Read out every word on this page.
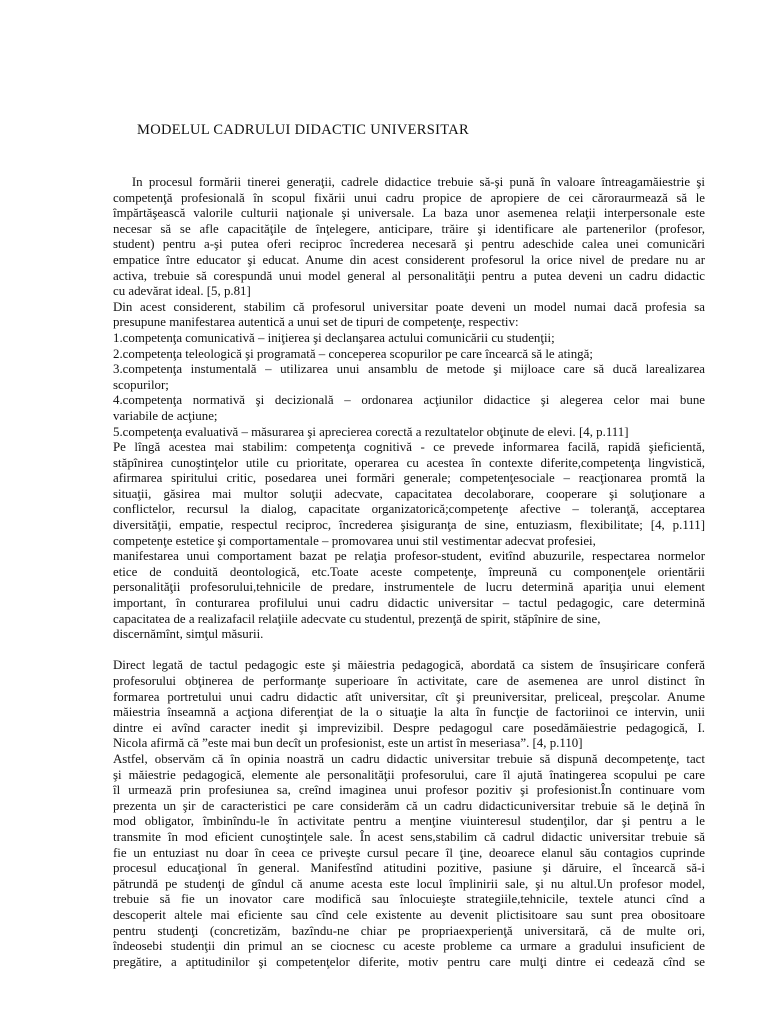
MODELUL CADRULUI DIDACTIC UNIVERSITAR
In procesul formării tinerei generaţii, cadrele didactice trebuie să-şi pună în valoare întreagamăiestrie şi
competenţă profesională în scopul fixării unui cadru propice de apropiere de cei căroraurmează să le
împărtăşească valorile culturii naţionale şi universale. La baza unor asemenea relaţii interpersonale este
necesar să se afle capacităţile de înţelegere, anticipare, trăire şi identificare ale partenerilor (profesor,
student) pentru a-şi putea oferi reciproc încrederea necesară şi pentru adeschide calea unei comunicări
empatice între educator şi educat. Anume din acest considerent profesorul la orice nivel de predare nu ar
activa, trebuie să corespundă unui model general al personalităţii pentru a putea deveni un cadru didactic
cu adevărat ideal. [5, p.81]
Din acest considerent, stabilim că profesorul universitar poate deveni un model numai dacă profesia sa
presupune manifestarea autentică a unui set de tipuri de competenţe, respectiv:
1.competenţa comunicativă – iniţierea şi declanşarea actului comunicării cu studenţii;
2.competenţa teleologică şi programată – conceperea scopurilor pe care încearcă să le atingă;
3.competenţa instumentală – utilizarea unui ansamblu de metode şi mijloace care să ducă larealizarea
scopurilor;
4.competenţa normativă şi decizională – ordonarea acţiunilor didactice şi alegerea celor mai bune
variabile de acţiune;
5.competenţa evaluativă – măsurarea şi aprecierea corectă a rezultatelor obţinute de elevi. [4, p.111]
Pe lîngă acestea mai stabilim: competenţa cognitivă - ce prevede informarea facilă, rapidă şieficientă,
stăpînirea cunoştinţelor utile cu prioritate, operarea cu acestea în contexte diferite,competenţa lingvistică,
afirmarea spiritului critic, posedarea unei formări generale; competenţesociale – reacţionarea promtă la
situaţii, găsirea mai multor soluţii adecvate, capacitatea decolaborare, cooperare şi soluţionare a
conflictelor, recursul la dialog, capacitate organizatorică;competenţe afective – toleranţă, acceptarea
diversităţii, empatie, respectul reciproc, încrederea şisiguranţa de sine, entuziasm, flexibilitate; [4, p.111]
competenţe estetice şi comportamentale – promovarea unui stil vestimentar adecvat profesiei,
manifestarea unui comportament bazat pe relaţia profesor-student, evitînd abuzurile, respectarea normelor
etice de conduită deontologică, etc.Toate aceste competenţe, împreună cu componenţele orientării
personalităţii profesorului,tehnicile de predare, instrumentele de lucru determină apariţia unui element
important, în conturarea profilului unui cadru didactic universitar – tactul pedagogic, care determină
capacitatea de a realizafacil relaţiile adecvate cu studentul, prezenţă de spirit, stăpînire de sine,
discernămînt, simţul măsurii.
Direct legată de tactul pedagogic este şi măiestria pedagogică, abordată ca sistem de însuşiricare conferă
profesorului obţinerea de performanţe superioare în activitate, care de asemenea are unrol distinct în
formarea portretului unui cadru didactic atît universitar, cît şi preuniversitar, preliceal, preşcolar. Anume
măiestria înseamnă a acţiona diferenţiat de la o situaţie la alta în funcţie de factoriinoi ce intervin, unii
dintre ei avînd caracter inedit şi imprevizibil. Despre pedagogul care posedămăiestrie pedagogică, I.
Nicola afirmă că ”este mai bun decît un profesionist, este un artist în meseriasa”. [4, p.110]
Astfel, observăm că în opinia noastră un cadru didactic universitar trebuie să dispună decompetenţe, tact
şi măiestrie pedagogică, elemente ale personalităţii profesorului, care îl ajută înatingerea scopului pe care
îl urmează prin profesiunea sa, creînd imaginea unui profesor pozitiv şi profesionist.În continuare vom
prezenta un şir de caracteristici pe care considerăm că un cadru didacticuniversitar trebuie să le deţină în
mod obligator, îmbinîndu-le în activitate pentru a menţine viuinteresul studenţilor, dar şi pentru a le
transmite în mod eficient cunoştinţele sale. În acest sens,stabilim că cadrul didactic universitar trebuie să
fie un entuziast nu doar în ceea ce priveşte cursul pecare îl ţine, deoarece elanul său contagios cuprinde
procesul educaţional în general. Manifestînd atitudini pozitive, pasiune şi dăruire, el încearcă să-i
pătrundă pe studenţi de gîndul că anume acesta este locul împlinirii sale, şi nu altul.Un profesor model,
trebuie să fie un inovator care modifică sau înlocuieşte strategiile,tehnicile, textele atunci cînd a
descoperit altele mai eficiente sau cînd cele existente au devenit plictisitoare sau sunt prea obositoare
pentru studenţi (concretizăm, bazîndu-ne chiar pe propriaexperienţă universitară, că de multe ori,
îndeosebi studenţii din primul an se ciocnesc cu aceste probleme ca urmare a gradului insuficient de
pregătire, a aptitudinilor şi competenţelor diferite, motiv pentru care mulţi dintre ei cedează cînd se
